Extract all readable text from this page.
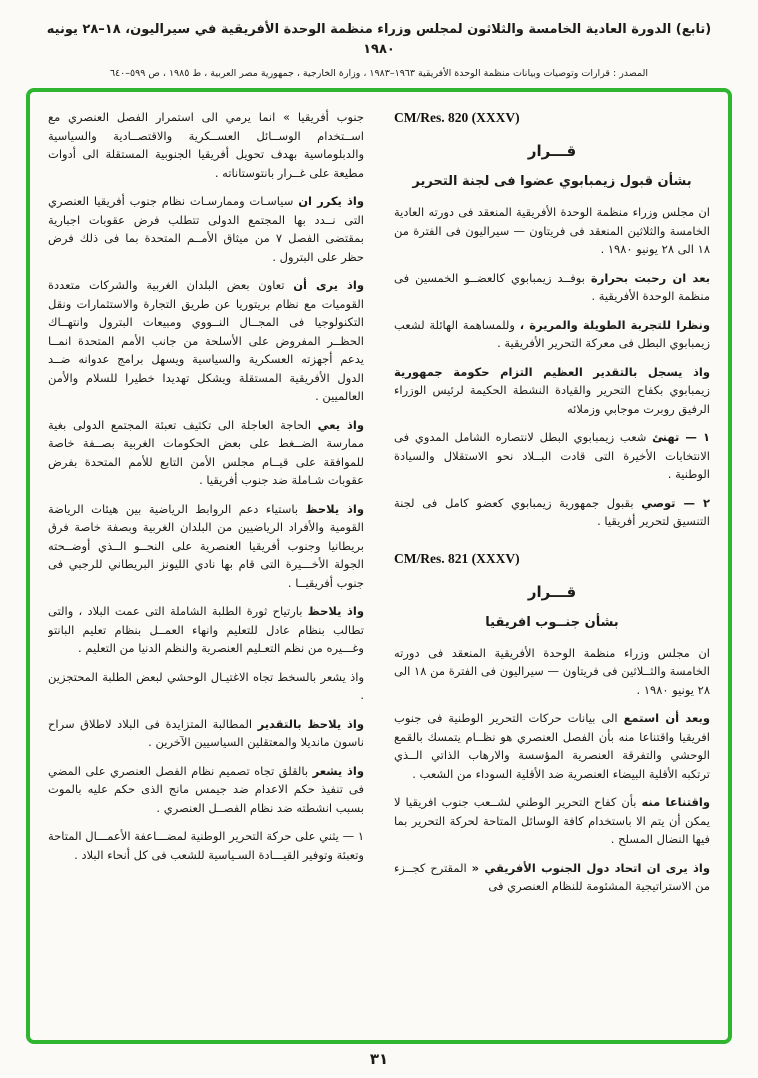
(تابع) الدورة العادية الخامسة والثلاثون لمجلس وزراء منظمة الوحدة الأفريقية في سيراليون، ١٨–٢٨ يونيه ١٩٨٠
المصدر : قرارات وتوصيات وبيانات منظمة الوحدة الأفريقية ١٩٦٣–١٩٨٣ ، وزارة الخارجية ، جمهورية مصر العربية ، ط ١٩٨٥ ، ص ٥٩٩–٦٤٠

جنوب أفريقيا » انما يرمي الى استمرار الفصل العنصري مع اســتخدام الوســائل العســكرية والاقتصــادية والسياسية والدبلوماسية بهدف تحويل أفريقيا الجنوبية المستقلة الى أدوات مطيعة على غــرار بانتوستاناته .

واذ يكرر ان سياسـات وممارسـات نظام جنوب أفريقيا العنصري التى نــدد بها المجتمع الدولى تتطلب فرض عقوبات اجبارية بمقتضى الفصل ٧ من ميثاق الأمــم المتحدة بما فى ذلك فرض حظر على البترول .

واذ يرى أن تعاون بعض البلدان الغربية والشركات متعددة القوميات مع نظام بريتوريا عن طريق التجارة والاستثمارات ونقل التكنولوجيا فى المجــال النــووي ومبيعات البترول وانتهــاك الحظــر المفروض على الأسلحة من جانب الأمم المتحدة انمــا يدعم أجهزته العسكرية والسياسية ويسهل برامج عدوانه ضــد الدول الأفريقية المستقلة ويشكل تهديدا خطيرا للسلام والأمن العالميين .

واذ يعي الحاجة العاجلة الى تكثيف تعبئة المجتمع الدولى بغية ممارسة الضــغط على بعض الحكومات الغربية بصــفة خاصة للموافقة على قيــام مجلس الأمن التابع للأمم المتحدة بفرض عقوبات شـاملة ضد جنوب أفريقيا .

واذ يلاحظ باستياء دعم الروابط الرياضية بين هيئات الرياضة القومية والأفراد الرياضيين من البلدان الغربية وبصفة خاصة فرق بريطانيا وجنوب أفريقيا العنصرية على النحــو الــذي أوضــحته الجولة الأخـــيرة التى قام بها نادي الليونز البريطاني للرجبي فى جنوب أفريقيــا .

واذ يلاحظ بارتياح ثورة الطلبة الشاملة التى عمت البلاد ، والتى تطالب بنظام عادل للتعليم وانهاء العمــل بنظام تعليم البانتو وغـــيره من نظم التعـليم العنصرية والنظم الدنيا من التعليم .

واذ يشعر بالسخط تجاه الاغتيـال الوحشي لبعض الطلبة المحتجزين .

واذ يلاحظ بالتقدير المطالبة المتزايدة فى البلاد لاطلاق سراح ناسون مانديلا والمعتقلين السياسيين الآخرين .

واذ يشعر بالقلق تجاه تصميم نظام الفصل العنصري على المضي فى تنفيذ حكم الاعدام ضد جيمس مانج الذى حكم عليه بالموت بسبب انشطته ضد نظام الفصــل العنصري .

١ — يثني على حركة التحرير الوطنية لمضـــاعفة الأعمـــال المتاحة وتعبئة وتوفير القيـــادة السـياسية للشعب فى كل أنحاء البلاد .

CM/Res. 820 (XXXV)
قـــرار
بشأن قبول زيمبابوي عضوا فى لجنة التحرير

ان مجلس وزراء منظمة الوحدة الأفريقية المنعقد فى دورته العادية الخامسة والثلاثين المنعقد فى فريتاون — سيراليون فى الفترة من ١٨ الى ٢٨ يونيو ١٩٨٠ .

بعد ان رحبت بحرارة بوفــد زيمبابوي كالعضــو الخمسين فى منظمة الوحدة الأفريقية .

ونظرا للتجربة الطويلة والمريرة ، وللمساهمة الهائلة لشعب زيمبابوي البطل فى معركة التحرير الأفريقية .

واذ يسجل بالتقدير العظيم التزام حكومة جمهورية زيمبابوي بكفاح التحرير والقيادة النشطة الحكيمة لرئيس الوزراء الرفيق روبرت موجابي وزملائه

١ — تهنئ شعب زيمبابوي البطل لانتصاره الشامل المدوي فى الانتخابات الأخيرة التى قادت البــلاد نحو الاستقلال والسيادة الوطنية .

٢ — توصي بقبول جمهورية زيمبابوي كعضو كامل فى لجنة التنسيق لتحرير أفريقيا .

CM/Res. 821 (XXXV)
قـــرار
بشأن جنــوب افريقيا

ان مجلس وزراء منظمة الوحدة الأفريقية المنعقد فى دورته الخامسة والثــلاثين فى فريتاون — سيراليون فى الفترة من ١٨ الى ٢٨ يونيو ١٩٨٠ .

وبعد أن استمع الى بيانات حركات التحرير الوطنية فى جنوب افريقيا واقتناعا منه بأن الفصل العنصري هو نظــام يتمسك بالقمع الوحشي والتفرقة العنصرية المؤسسة والارهاب الذاتي الــذي ترتكبه الأقلية البيضاء العنصرية ضد الأقلية السوداء من الشعب .

واقتناعا منه بأن كفاح التحرير الوطني لشــعب جنوب افريقيا لا يمكن أن يتم الا باستخدام كافة الوسائل المتاحة لحركة التحرير بما فيها النضال المسلح .

واذ يرى ان اتحاد دول الجنوب الأفريقي « المقترح كجــزء من الاستراتيجية المشئومة للنظام العنصري فى

٣١
